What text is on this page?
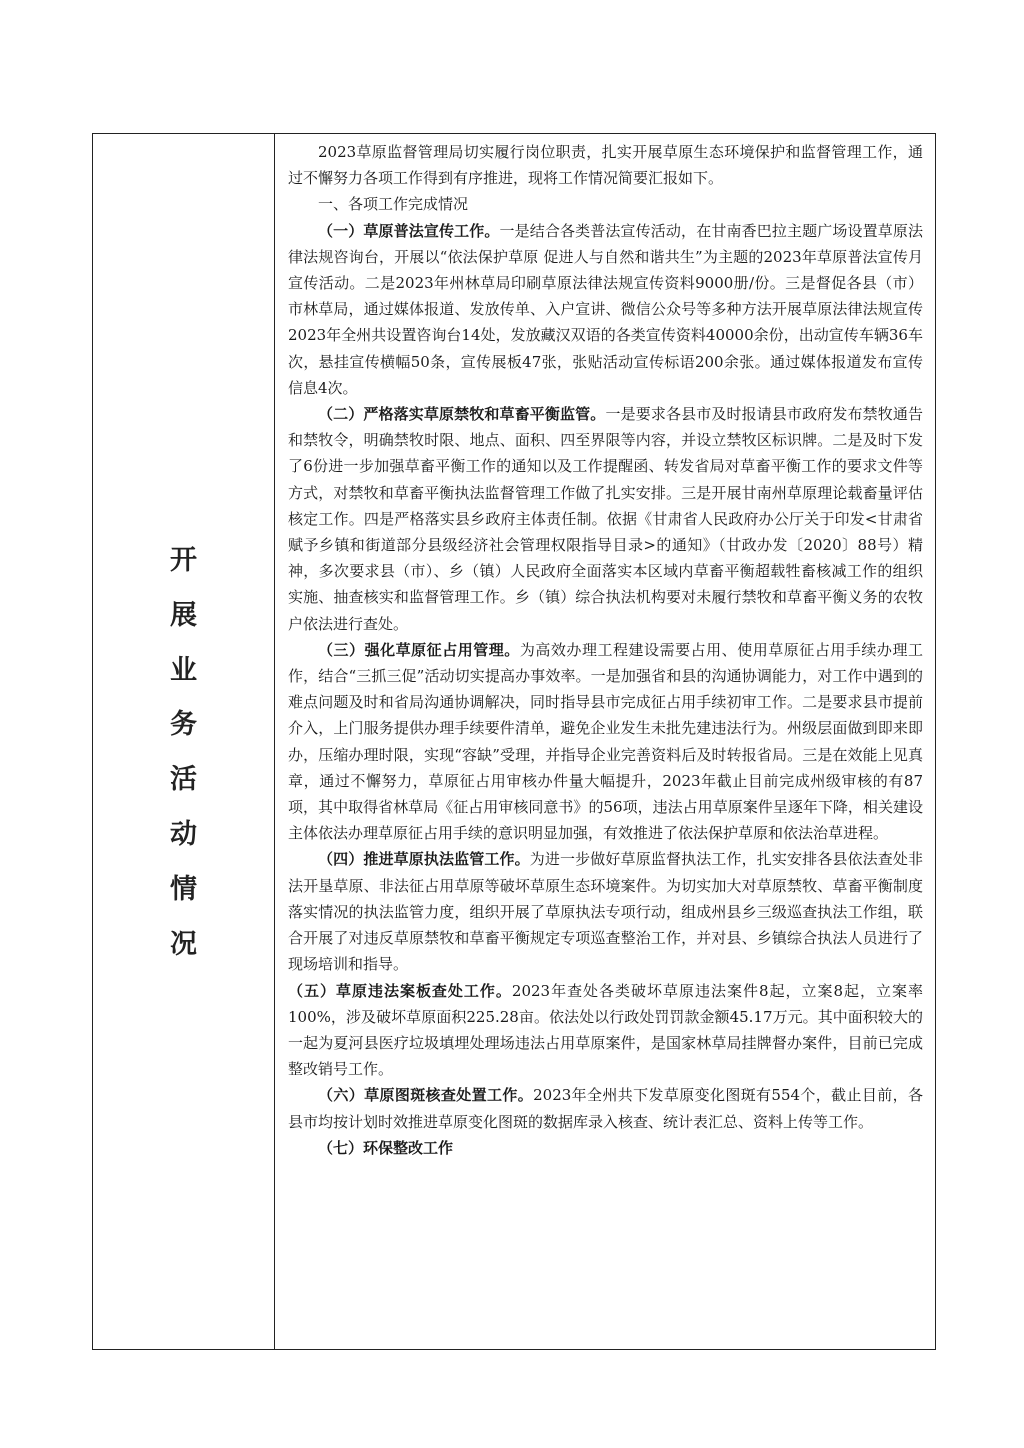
开
展
业
务
活
动
情
况

2023草原监督管理局切实履行岗位职责，扎实开展草原生态环境保护和监督管理工作，通过不懈努力各项工作得到有序推进，现将工作情况简要汇报如下。

一、各项工作完成情况

（一）草原普法宣传工作。一是结合各类普法宣传活动，在甘南香巴拉主题广场设置草原法律法规咨询台，开展以“依法保护草原 促进人与自然和谐共生”为主题的2023年草原普法宣传月宣传活动。二是2023年州林草局印刷草原法律法规宣传资料9000册/份。三是督促各县（市）市林草局，通过媒体报道、发放传单、入户宣讲、微信公众号等多种方法开展草原法律法规宣传2023年全州共设置咨询台14处，发放藏汉双语的各类宣传资料40000余份，出动宣传车辆36车次，悬挂宣传横幅50条，宣传展板47张，张贴活动宣传标语200余张。通过媒体报道发布宣传信息4次。

（二）严格落实草原禁牧和草畜平衡监管。一是要求各县市及时报请县市政府发布禁牧通告和禁牧令，明确禁牧时限、地点、面积、四至界限等内容，并设立禁牧区标识牌。二是及时下发了6份进一步加强草畜平衡工作的通知以及工作提醒函、转发省局对草畜平衡工作的要求文件等方式，对禁牧和草畜平衡执法监督管理工作做了扎实安排。三是开展甘南州草原理论载畜量评估核定工作。四是严格落实县乡政府主体责任制。依据《甘肃省人民政府办公厅关于印发<甘肃省赋予乡镇和街道部分县级经济社会管理权限指导目录>的通知》（甘政办发〔2020〕88号）精神，多次要求县（市）、乡（镇）人民政府全面落实本区域内草畜平衡超载牲畜核减工作的组织实施、抽查核实和监督管理工作。乡（镇）综合执法机构要对未履行禁牧和草畜平衡义务的农牧户依法进行查处。

（三）强化草原征占用管理。为高效办理工程建设需要占用、使用草原征占用手续办理工作，结合“三抓三促”活动切实提高办事效率。一是加强省和县的沟通协调能力，对工作中遇到的难点问题及时和省局沟通协调解决，同时指导县市完成征占用手续初审工作。二是要求县市提前介入，上门服务提供办理手续要件清单，避免企业发生未批先建违法行为。州级层面做到即来即办，压缩办理时限，实现“容缺”受理，并指导企业完善资料后及时转报省局。三是在效能上见真章，通过不懈努力，草原征占用审核办件量大幅提升，2023年截止目前完成州级审核的有87项，其中取得省林草局《征占用审核同意书》的56项，违法占用草原案件呈逐年下降，相关建设主体依法办理草原征占用手续的意识明显加强，有效推进了依法保护草原和依法治草进程。

（四）推进草原执法监管工作。为进一步做好草原监督执法工作，扎实安排各县依法查处非法开垦草原、非法征占用草原等破坏草原生态环境案件。为切实加大对草原禁牧、草畜平衡制度落实情况的执法监管力度，组织开展了草原执法专项行动，组成州县乡三级巡查执法工作组，联合开展了对违反草原禁牧和草畜平衡规定专项巡查整治工作，并对县、乡镇综合执法人员进行了现场培训和指导。

（五）草原违法案板查处工作。2023年查处各类破坏草原违法案件8起，立案8起，立案率100%，涉及破坏草原面积225.28亩。依法处以行政处罚罚款金额45.17万元。其中面积较大的一起为夏河县医疗垃圾填埋处理场违法占用草原案件，是国家林草局挂牌督办案件，目前已完成整改销号工作。

（六）草原图斑核查处置工作。2023年全州共下发草原变化图斑有554个，截止目前，各县市均按计划时效推进草原变化图斑的数据库录入核查、统计表汇总、资料上传等工作。

（七）环保整改工作
